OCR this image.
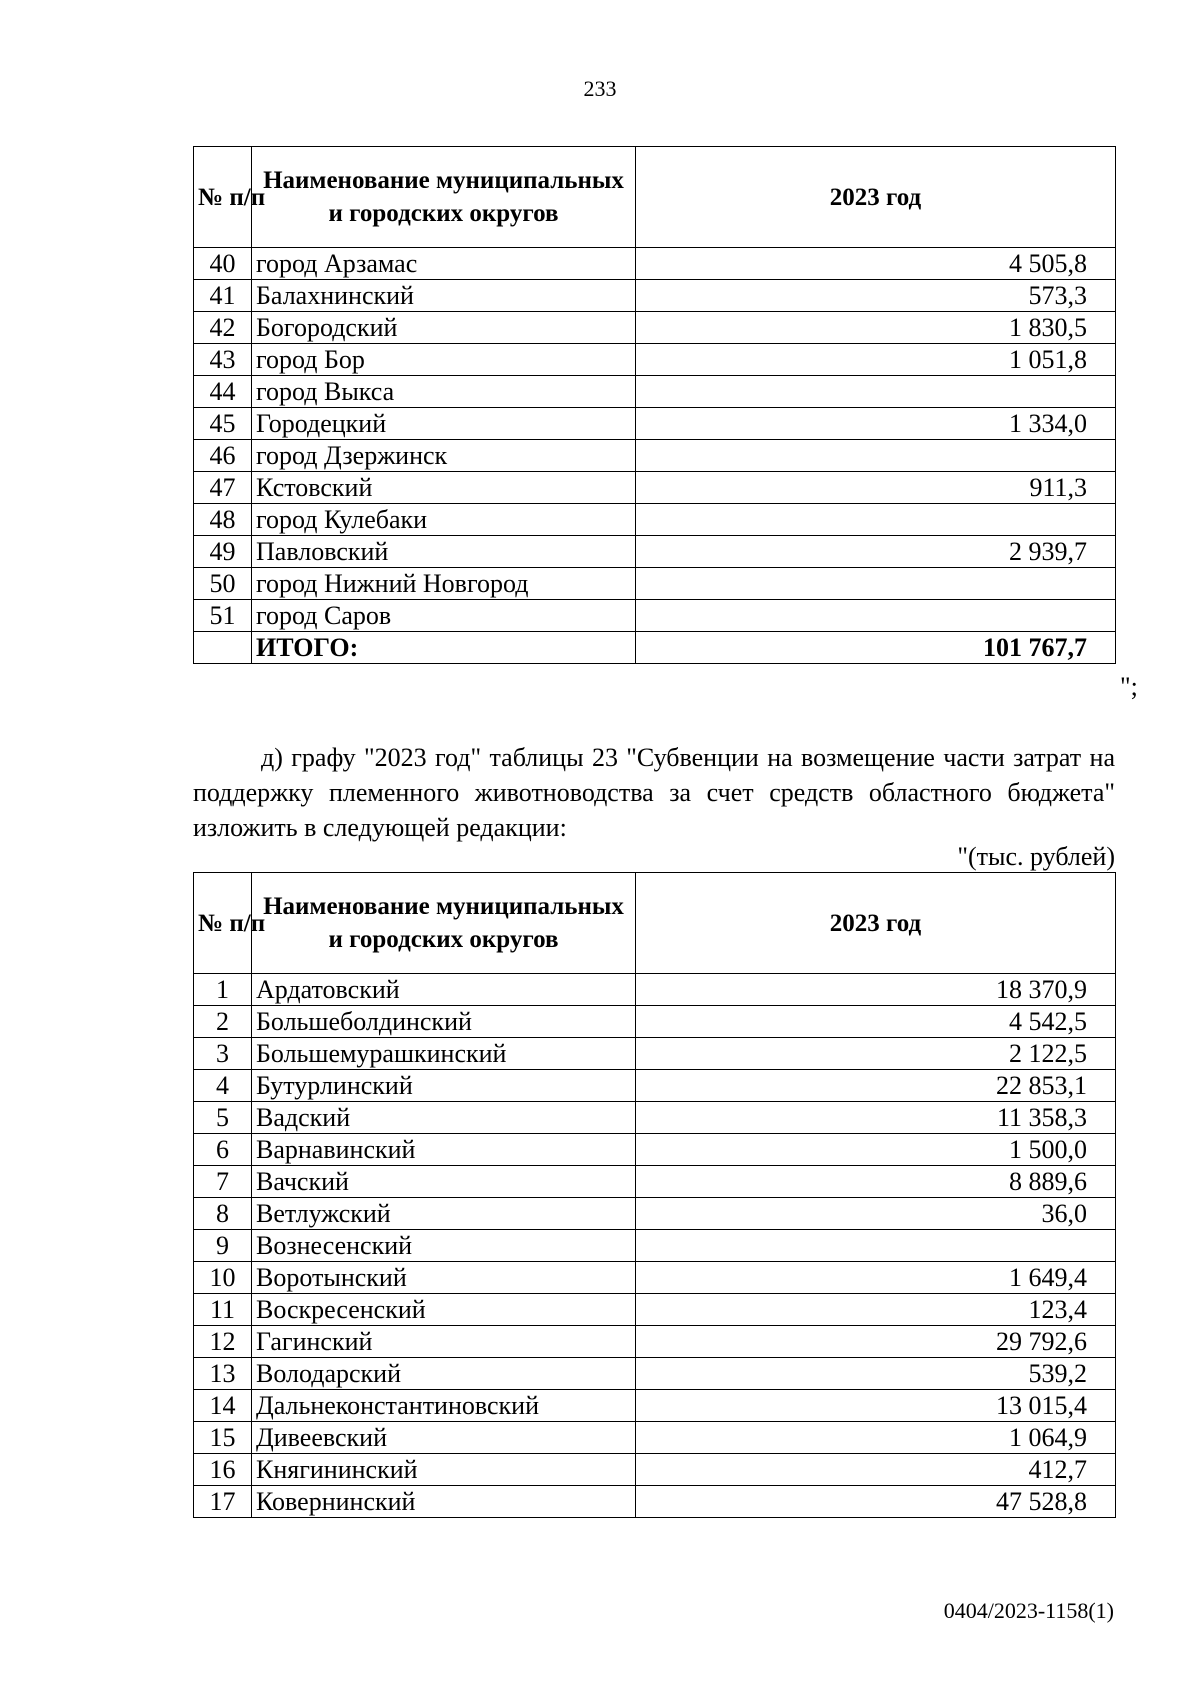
233
№ п/п	Наименование муниципальных и городских округов	2023 год
40	город Арзамас	4 505,8
41	Балахнинский	573,3
42	Богородский	1 830,5
43	город Бор	1 051,8
44	город Выкса	
45	Городецкий	1 334,0
46	город Дзержинск	
47	Кстовский	911,3
48	город Кулебаки	
49	Павловский	2 939,7
50	город Нижний Новгород	
51	город Саров	
	ИТОГО:	101 767,7
";
д) графу "2023 год" таблицы 23 "Субвенции на возмещение части затрат на поддержку племенного животноводства за счет средств областного бюджета" изложить в следующей редакции:
"(тыс. рублей)
№ п/п	Наименование муниципальных и городских округов	2023 год
1	Ардатовский	18 370,9
2	Большеболдинский	4 542,5
3	Большемурашкинский	2 122,5
4	Бутурлинский	22 853,1
5	Вадский	11 358,3
6	Варнавинский	1 500,0
7	Вачский	8 889,6
8	Ветлужский	36,0
9	Вознесенский	
10	Воротынский	1 649,4
11	Воскресенский	123,4
12	Гагинский	29 792,6
13	Володарский	539,2
14	Дальнеконстантиновский	13 015,4
15	Дивеевский	1 064,9
16	Княгининский	412,7
17	Ковернинский	47 528,8
0404/2023-1158(1)
